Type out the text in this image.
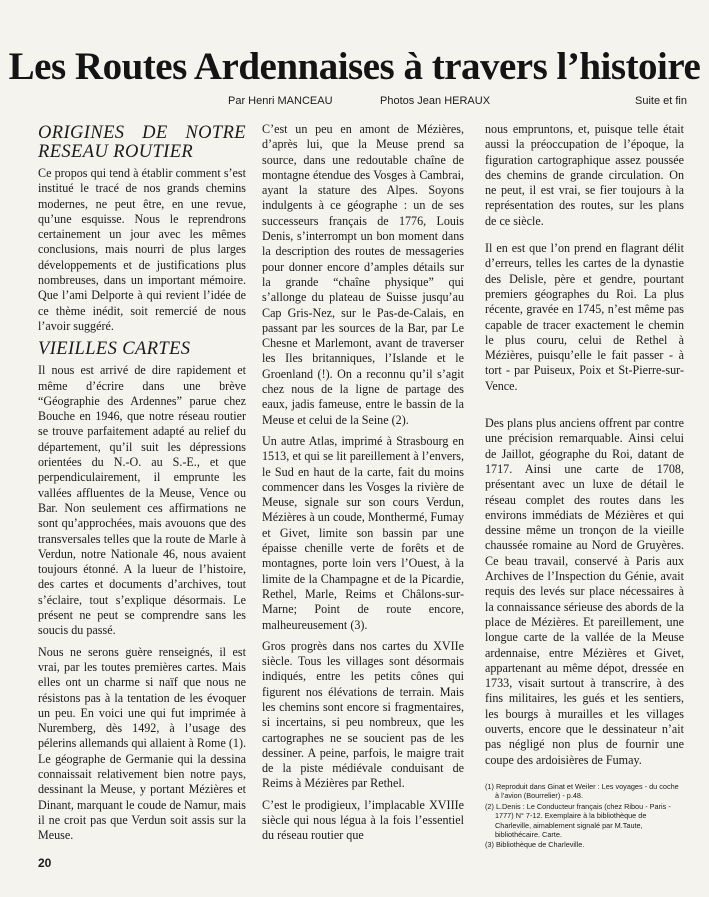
Les Routes Ardennaises à travers l’histoire
Par Henri MANCEAU	Photos Jean HERAUX	Suite et fin
ORIGINES DE NOTRE RESEAU ROUTIER

Ce propos qui tend à établir comment s’est institué le tracé de nos grands chemins modernes, ne peut être, en une revue, qu’une esquisse. Nous le reprendrons certainement un jour avec les mêmes conclusions, mais nourri de plus larges développements et de justifications plus nombreuses, dans un important mémoire. Que l’ami Delporte à qui revient l’idée de ce thème inédit, soit remercié de nous l’avoir suggéré.

VIEILLES CARTES

Il nous est arrivé de dire rapidement et même d’écrire dans une brève “Géographie des Ardennes” parue chez Bouche en 1946, que notre réseau routier se trouve parfaitement adapté au relief du département, qu’il suit les dépressions orientées du N.-O. au S.-E., et que perpendiculairement, il emprunte les vallées affluentes de la Meuse, Vence ou Bar. Non seulement ces affirmations ne sont qu’approchées, mais avouons que des transversales telles que la route de Marle à Verdun, notre Nationale 46, nous avaient toujours étonné. A la lueur de l’histoire, des cartes et documents d’archives, tout s’éclaire, tout s’explique désormais. Le présent ne peut se comprendre sans les soucis du passé.

Nous ne serons guère renseignés, il est vrai, par les toutes premières cartes. Mais elles ont un charme si naïf que nous ne résistons pas à la tentation de les évoquer un peu. En voici une qui fut imprimée à Nuremberg, dès 1492, à l’usage des pélerins allemands qui allaient à Rome (1). Le géographe de Germanie qui la dessina connaissait relativement bien notre pays, dessinant la Meuse, y portant Mézières et Dinant, marquant le coude de Namur, mais il ne croit pas que Verdun soit assis sur la Meuse.

C’est un peu en amont de Mézières, d’après lui, que la Meuse prend sa source, dans une redoutable chaîne de montagne étendue des Vosges à Cambrai, ayant la stature des Alpes. Soyons indulgents à ce géographe : un de ses successeurs français de 1776, Louis Denis, s’interrompt un bon moment dans la description des routes de messageries pour donner encore d’amples détails sur la grande “chaîne physique” qui s’allonge du plateau de Suisse jusqu’au Cap Gris-Nez, sur le Pas-de-Calais, en passant par les sources de la Bar, par Le Chesne et Marlemont, avant de traverser les Iles britanniques, l’Islande et le Groenland (!). On a reconnu qu’il s’agit chez nous de la ligne de partage des eaux, jadis fameuse, entre le bassin de la Meuse et celui de la Seine (2).

Un autre Atlas, imprimé à Strasbourg en 1513, et qui se lit pareillement à l’envers, le Sud en haut de la carte, fait du moins commencer dans les Vosges la rivière de Meuse, signale sur son cours Verdun, Mézières à un coude, Monthermé, Fumay et Givet, limite son bassin par une épaisse chenille verte de forêts et de montagnes, porte loin vers l’Ouest, à la limite de la Champagne et de la Picardie, Rethel, Marle, Reims et Châlons-sur-Marne; Point de route encore, malheureusement (3).

Gros progrès dans nos cartes du XVIIe siècle. Tous les villages sont désormais indiqués, entre les petits cônes qui figurent nos élévations de terrain. Mais les chemins sont encore si fragmentaires, si incertains, si peu nombreux, que les cartographes ne se soucient pas de les dessiner. A peine, parfois, le maigre trait de la piste médiévale conduisant de Reims à Mézières par Rethel.

C’est le prodigieux, l’implacable XVIIIe siècle qui nous légua à la fois l’essentiel du réseau routier que

nous empruntons, et, puisque telle était aussi la préoccupation de l’époque, la figuration cartographique assez poussée des chemins de grande circulation. On ne peut, il est vrai, se fier toujours à la représentation des routes, sur les plans de ce siècle.

Il en est que l’on prend en flagrant délit d’erreurs, telles les cartes de la dynastie des Delisle, père et gendre, pourtant premiers géographes du Roi. La plus récente, gravée en 1745, n’est même pas capable de tracer exactement le chemin le plus couru, celui de Rethel à Mézières, puisqu’elle le fait passer - à tort - par Puiseux, Poix et St-Pierre-sur-Vence.

Des plans plus anciens offrent par contre une précision remarquable. Ainsi celui de Jaillot, géographe du Roi, datant de 1717. Ainsi une carte de 1708, présentant avec un luxe de détail le réseau complet des routes dans les environs immédiats de Mézières et qui dessine même un tronçon de la vieille chaussée romaine au Nord de Gruyères. Ce beau travail, conservé à Paris aux Archives de l’Inspection du Génie, avait requis des levés sur place nécessaires à la connaissance sérieuse des abords de la place de Mézières. Et pareillement, une longue carte de la vallée de la Meuse ardennaise, entre Mézières et Givet, appartenant au même dépot, dressée en 1733, visait surtout à transcrire, à des fins militaires, les gués et les sentiers, les bourgs à murailles et les villages ouverts, encore que le dessinateur n’ait pas négligé non plus de fournir une coupe des ardoisières de Fumay.

(1) Reproduit dans Ginat et Weiler : Les voyages - du coche à l’avion (Bourrelier) - p.48.
(2) L.Denis : Le Conducteur français (chez Ribou - Paris - 1777) N° 7-12. Exemplaire à la bibliothèque de Charleville, aimablement signalé par M.Taute, bibliothécaire. Carte.
(3) Bibliothèque de Charleville.
20
